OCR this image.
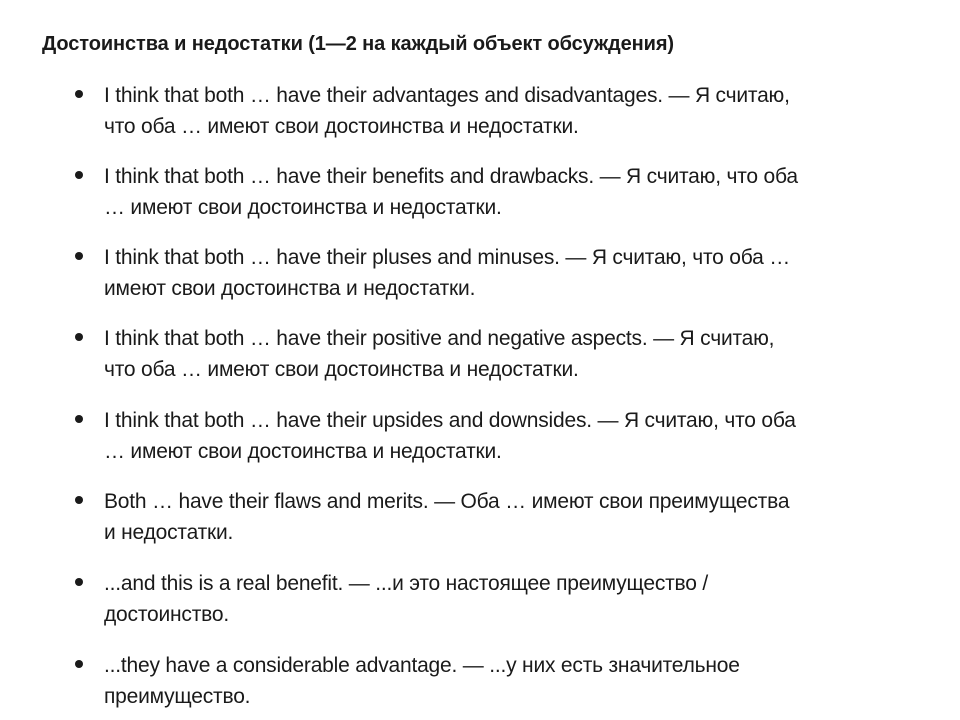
Достоинства и недостатки (1—2 на каждый объект обсуждения)
I think that both … have their advantages and disadvantages. — Я считаю,
что оба … имеют свои достоинства и недостатки.
I think that both … have their benefits and drawbacks. — Я считаю, что оба
… имеют свои достоинства и недостатки.
I think that both … have their pluses and minuses. — Я считаю, что оба …
имеют свои достоинства и недостатки.
I think that both … have their positive and negative aspects. — Я считаю,
что оба … имеют свои достоинства и недостатки.
I think that both … have their upsides and downsides. — Я считаю, что оба
… имеют свои достоинства и недостатки.
Both … have their flaws and merits. — Оба … имеют свои преимущества
и недостатки.
...and this is a real benefit. — ...и это настоящее преимущество /
достоинство.
...they have a considerable advantage. — ...у них есть значительное
преимущество.
